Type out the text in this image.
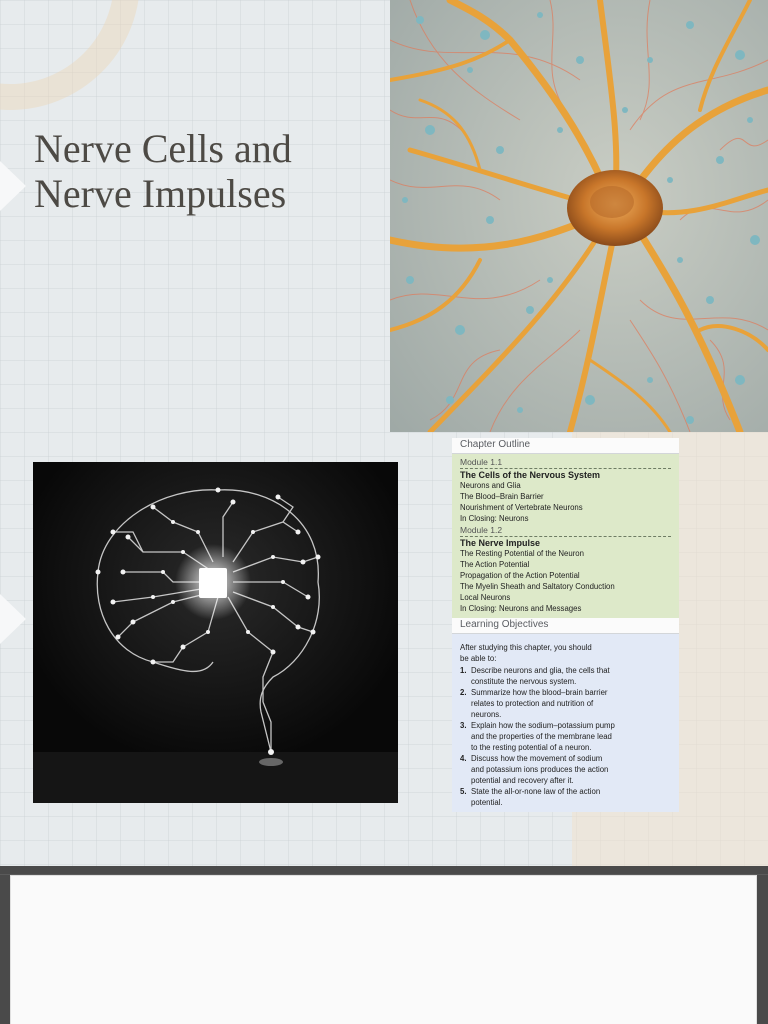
Nerve Cells and
Nerve Impulses
Chapter Outline
Module 1.1
The Cells of the Nervous System
Neurons and Glia
The Blood–Brain Barrier
Nourishment of Vertebrate Neurons
In Closing: Neurons
Module 1.2
The Nerve Impulse
The Resting Potential of the Neuron
The Action Potential
Propagation of the Action Potential
The Myelin Sheath and Saltatory Conduction
Local Neurons
In Closing: Neurons and Messages
Learning Objectives
After studying this chapter, you should
be able to:
1. Describe neurons and glia, the cells that
constitute the nervous system.
2. Summarize how the blood–brain barrier
relates to protection and nutrition of
neurons.
3. Explain how the sodium–potassium pump
and the properties of the membrane lead
to the resting potential of a neuron.
4. Discuss how the movement of sodium
and potassium ions produces the action
potential and recovery after it.
5. State the all-or-none law of the action
potential.
